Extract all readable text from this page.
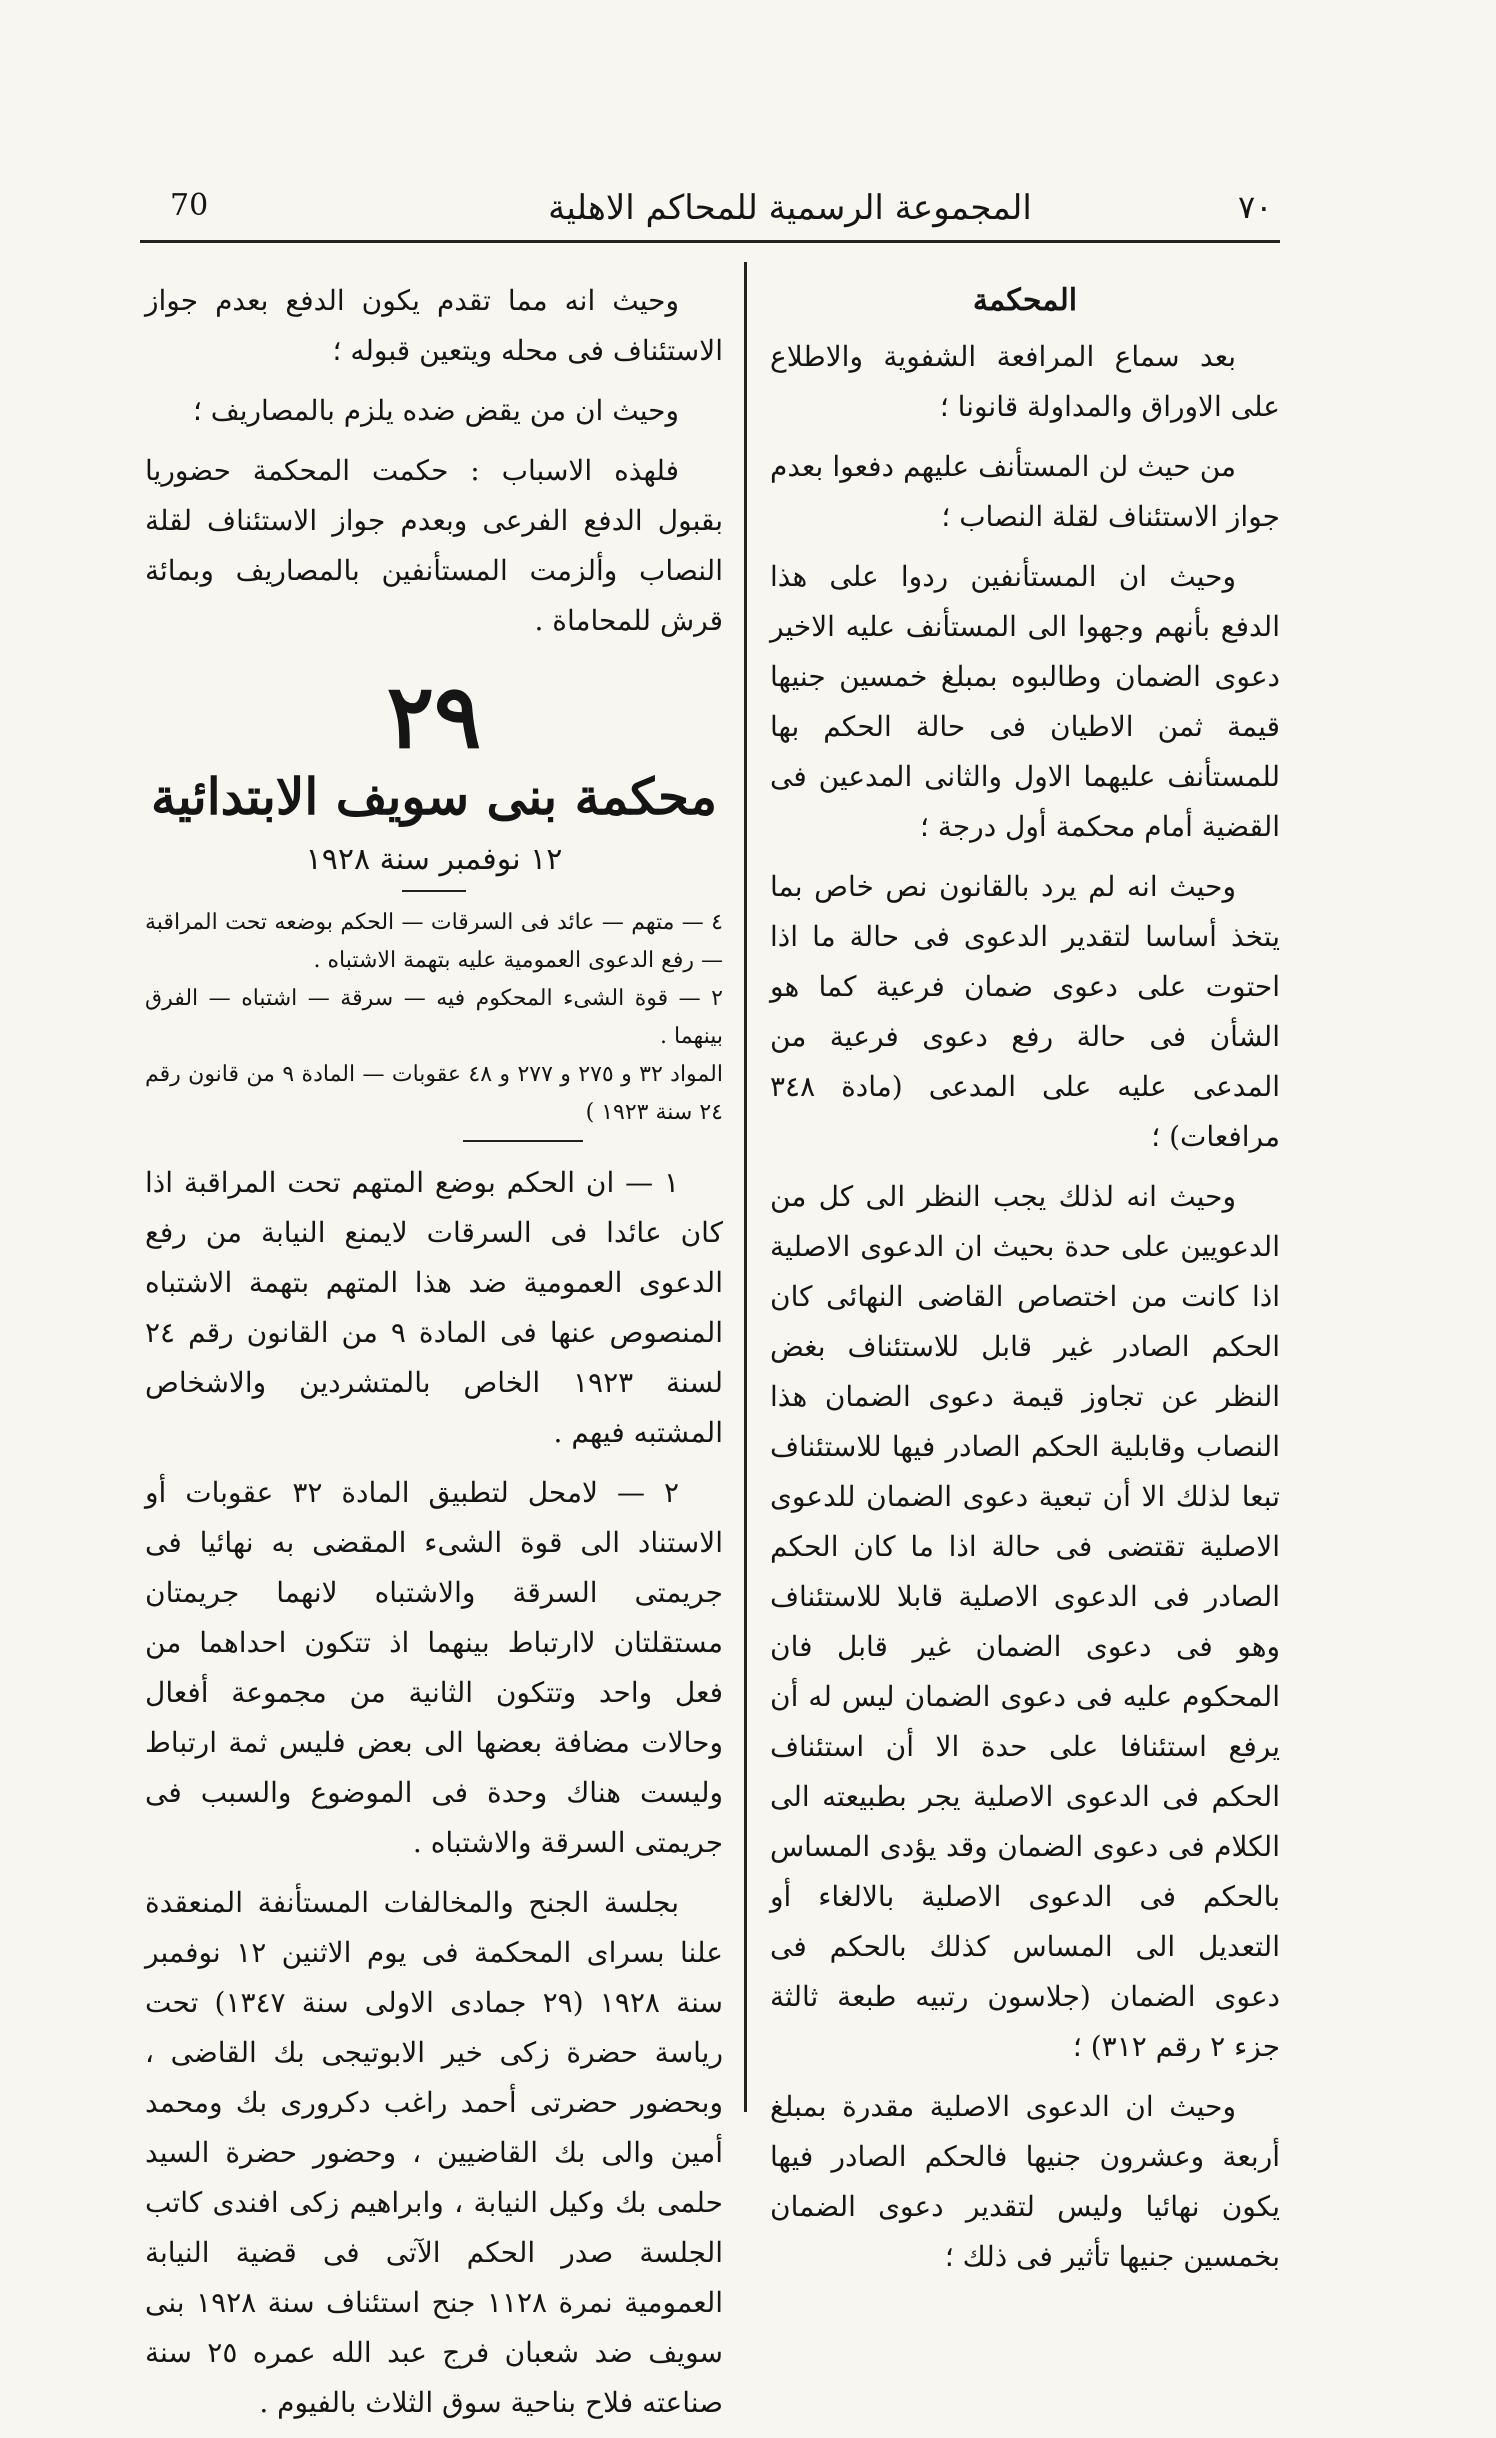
70	المجموعة الرسمية للمحاكم الاهلية	٧٠

المحكمة

بعد سماع المرافعة الشفوية والاطلاع على الاوراق والمداولة قانونا ؛

من حيث لن المستأنف عليهم دفعوا بعدم جواز الاستئناف لقلة النصاب ؛

وحيث ان المستأنفين ردوا على هذا الدفع بأنهم وجهوا الى المستأنف عليه الاخير دعوى الضمان وطالبوه بمبلغ خمسين جنيها قيمة ثمن الاطيان فى حالة الحكم بها للمستأنف عليهما الاول والثانى المدعين فى القضية أمام محكمة أول درجة ؛

وحيث انه لم يرد بالقانون نص خاص بما يتخذ أساسا لتقدير الدعوى فى حالة ما اذا احتوت على دعوى ضمان فرعية كما هو الشأن فى حالة رفع دعوى فرعية من المدعى عليه على المدعى (مادة ٣٤٨ مرافعات) ؛

وحيث انه لذلك يجب النظر الى كل من الدعويين على حدة بحيث ان الدعوى الاصلية اذا كانت من اختصاص القاضى النهائى كان الحكم الصادر غير قابل للاستئناف بغض النظر عن تجاوز قيمة دعوى الضمان هذا النصاب وقابلية الحكم الصادر فيها للاستئناف تبعا لذلك الا أن تبعية دعوى الضمان للدعوى الاصلية تقتضى فى حالة اذا ما كان الحكم الصادر فى الدعوى الاصلية قابلا للاستئناف وهو فى دعوى الضمان غير قابل فان المحكوم عليه فى دعوى الضمان ليس له أن يرفع استئنافا على حدة الا أن استئناف الحكم فى الدعوى الاصلية يجر بطبيعته الى الكلام فى دعوى الضمان وقد يؤدى المساس بالحكم فى الدعوى الاصلية بالالغاء أو التعديل الى المساس كذلك بالحكم فى دعوى الضمان (جلاسون رتبيه طبعة ثالثة جزء ٢ رقم ٣١٢) ؛

وحيث ان الدعوى الاصلية مقدرة بمبلغ أربعة وعشرون جنيها فالحكم الصادر فيها يكون نهائيا وليس لتقدير دعوى الضمان بخمسين جنيها تأثير فى ذلك ؛

وحيث انه مما تقدم يكون الدفع بعدم جواز الاستئناف فى محله ويتعين قبوله ؛

وحيث ان من يقض ضده يلزم بالمصاريف ؛

فلهذه الاسباب : حكمت المحكمة حضوريا بقبول الدفع الفرعى وبعدم جواز الاستئناف لقلة النصاب وألزمت المستأنفين بالمصاريف وبمائة قرش للمحاماة .

٢٩
محكمة بنى سويف الابتدائية
١٢ نوفمبر سنة ١٩٢٨

٤ — متهم — عائد فى السرقات — الحكم بوضعه تحت المراقبة — رفع الدعوى العمومية عليه بتهمة الاشتباه .

٢ — قوة الشىء المحكوم فيه — سرقة — اشتباه — الفرق بينهما .

المواد ٣٢ و ٢٧٥ و ٢٧٧ و ٤٨ عقوبات — المادة ٩ من قانون رقم ٢٤ سنة ١٩٢٣ )

١ — ان الحكم بوضع المتهم تحت المراقبة اذا كان عائدا فى السرقات لايمنع النيابة من رفع الدعوى العمومية ضد هذا المتهم بتهمة الاشتباه المنصوص عنها فى المادة ٩ من القانون رقم ٢٤ لسنة ١٩٢٣ الخاص بالمتشردين والاشخاص المشتبه فيهم .

٢ — لامحل لتطبيق المادة ٣٢ عقوبات أو الاستناد الى قوة الشىء المقضى به نهائيا فى جريمتى السرقة والاشتباه لانهما جريمتان مستقلتان لاارتباط بينهما اذ تتكون احداهما من فعل واحد وتتكون الثانية من مجموعة أفعال وحالات مضافة بعضها الى بعض فليس ثمة ارتباط وليست هناك وحدة فى الموضوع والسبب فى جريمتى السرقة والاشتباه .

بجلسة الجنح والمخالفات المستأنفة المنعقدة علنا بسراى المحكمة فى يوم الاثنين ١٢ نوفمبر سنة ١٩٢٨ (٢٩ جمادى الاولى سنة ١٣٤٧) تحت رياسة حضرة زكى خير الابوتيجى بك القاضى ، وبحضور حضرتى أحمد راغب دكرورى بك ومحمد أمين والى بك القاضيين ، وحضور حضرة السيد حلمى بك وكيل النيابة ، وابراهيم زكى افندى كاتب الجلسة صدر الحكم الآتى فى قضية النيابة العمومية نمرة ١١٢٨ جنح استئناف سنة ١٩٢٨ بنى سويف ضد شعبان فرج عبد الله عمره ٢٥ سنة صناعته فلاح بناحية سوق الثلاث بالفيوم .
